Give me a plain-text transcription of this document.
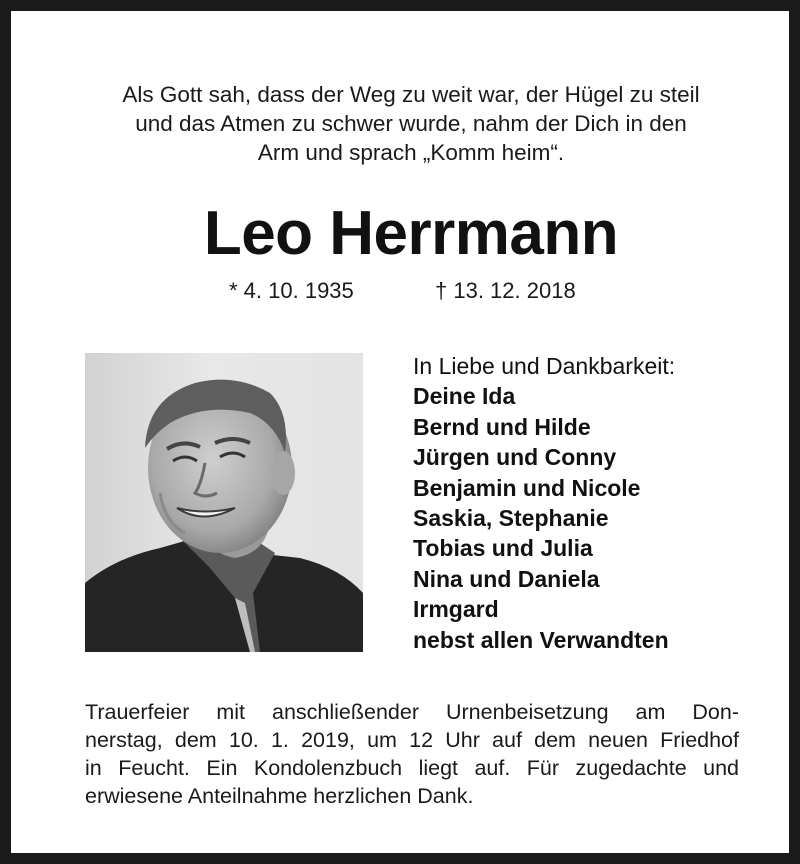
Als Gott sah, dass der Weg zu weit war, der Hügel zu steil
und das Atmen zu schwer wurde, nahm der Dich in den
Arm und sprach „Komm heim“.
Leo Herrmann
* 4. 10. 1935	† 13. 12. 2018
In Liebe und Dankbarkeit:
Deine Ida
Bernd und Hilde
Jürgen und Conny
Benjamin und Nicole
Saskia, Stephanie
Tobias und Julia
Nina und Daniela
Irmgard
nebst allen Verwandten
Trauerfeier mit anschließender Urnenbeisetzung am Don-
nerstag, dem 10. 1. 2019, um 12 Uhr auf dem neuen Friedhof
in Feucht. Ein Kondolenzbuch liegt auf. Für zugedachte und
erwiesene Anteilnahme herzlichen Dank.
